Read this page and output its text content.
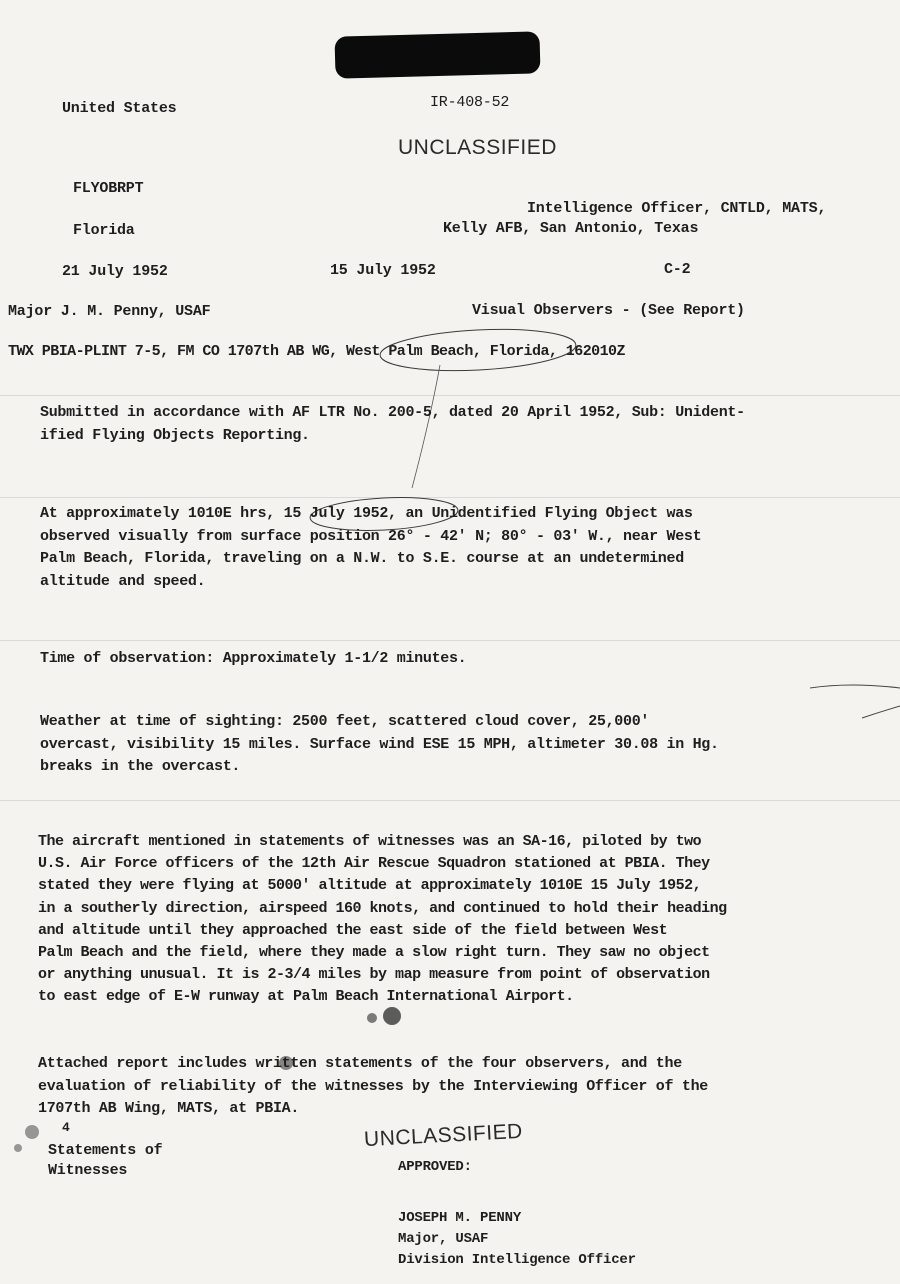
United States	IR-408-52
UNCLASSIFIED
FLYOBRPT
Intelligence Officer, CNTLD, MATS,
Florida	Kelly AFB, San Antonio, Texas
21 July 1952	15 July 1952	C-2
Major J. M. Penny, USAF	Visual Observers - (See Report)
TWX PBIA-PLINT 7-5, FM CO 1707th AB WG, West Palm Beach, Florida, 162010Z
Submitted in accordance with AF LTR No. 200-5, dated 20 April 1952, Sub: Unident-
ified Flying Objects Reporting.
At approximately 1010E hrs, 15 July 1952, an Unidentified Flying Object was
observed visually from surface position 26° - 42' N; 80° - 03' W., near West
Palm Beach, Florida, traveling on a N.W. to S.E. course at an undetermined
altitude and speed.
Time of observation: Approximately 1-1/2 minutes.
Weather at time of sighting: 2500 feet, scattered cloud cover, 25,000'
overcast, visibility 15 miles. Surface wind ESE 15 MPH, altimeter 30.08 in Hg.
breaks in the overcast.
The aircraft mentioned in statements of witnesses was an SA-16, piloted by two
U.S. Air Force officers of the 12th Air Rescue Squadron stationed at PBIA. They
stated they were flying at 5000' altitude at approximately 1010E 15 July 1952,
in a southerly direction, airspeed 160 knots, and continued to hold their heading
and altitude until they approached the east side of the field between West
Palm Beach and the field, where they made a slow right turn. They saw no object
or anything unusual. It is 2-3/4 miles by map measure from point of observation
to east edge of E-W runway at Palm Beach International Airport.
Attached report includes written statements of the four observers, and the
evaluation of reliability of the witnesses by the Interviewing Officer of the
1707th AB Wing, MATS, at PBIA.
4
Statements of
Witnesses
UNCLASSIFIED
APPROVED:
JOSEPH M. PENNY
Major, USAF
Division Intelligence Officer
